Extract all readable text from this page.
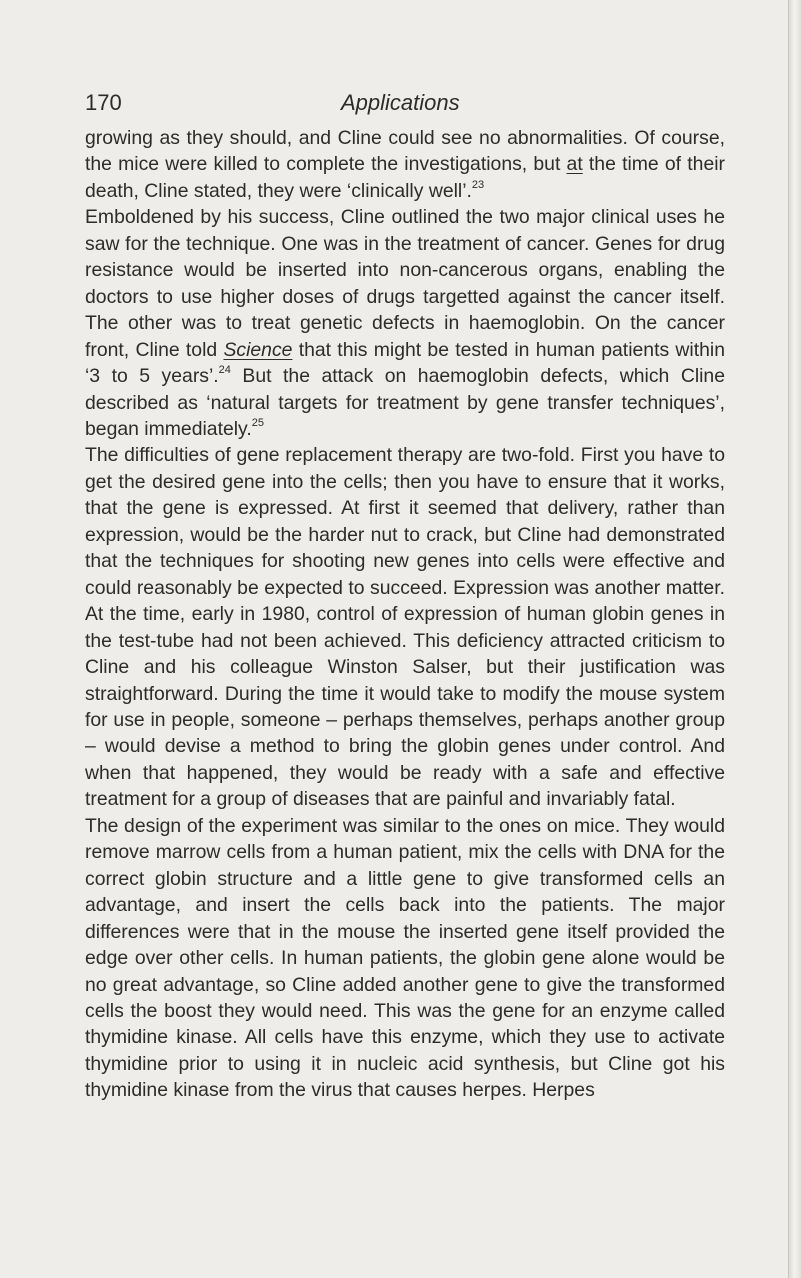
170	Applications

growing as they should, and Cline could see no abnormalities. Of course, the mice were killed to complete the investigations, but at the time of their death, Cline stated, they were ‘clinically well’.$^{23}$

Emboldened by his success, Cline outlined the two major clinical uses he saw for the technique. One was in the treatment of cancer. Genes for drug resistance would be inserted into non-cancerous organs, enabling the doctors to use higher doses of drugs targetted against the cancer itself. The other was to treat genetic defects in haemoglobin. On the cancer front, Cline told Science that this might be tested in human patients within ‘3 to 5 years’.$^{24}$ But the attack on haemoglobin defects, which Cline described as ‘natural targets for treatment by gene transfer techniques’, began immediately.$^{25}$

The difficulties of gene replacement therapy are two-fold. First you have to get the desired gene into the cells; then you have to ensure that it works, that the gene is expressed. At first it seemed that delivery, rather than expression, would be the harder nut to crack, but Cline had demonstrated that the techniques for shooting new genes into cells were effective and could reasonably be expected to succeed. Expression was another matter. At the time, early in 1980, control of expression of human globin genes in the test-tube had not been achieved. This deficiency attracted criticism to Cline and his colleague Winston Salser, but their justification was straightforward. During the time it would take to modify the mouse system for use in people, someone – perhaps themselves, perhaps another group – would devise a method to bring the globin genes under control. And when that happened, they would be ready with a safe and effective treatment for a group of diseases that are painful and invariably fatal.

The design of the experiment was similar to the ones on mice. They would remove marrow cells from a human patient, mix the cells with DNA for the correct globin structure and a little gene to give transformed cells an advantage, and insert the cells back into the patients. The major differences were that in the mouse the inserted gene itself provided the edge over other cells. In human patients, the globin gene alone would be no great advantage, so Cline added another gene to give the transformed cells the boost they would need. This was the gene for an enzyme called thymidine kinase. All cells have this enzyme, which they use to activate thymidine prior to using it in nucleic acid synthesis, but Cline got his thymidine kinase from the virus that causes herpes. Herpes
